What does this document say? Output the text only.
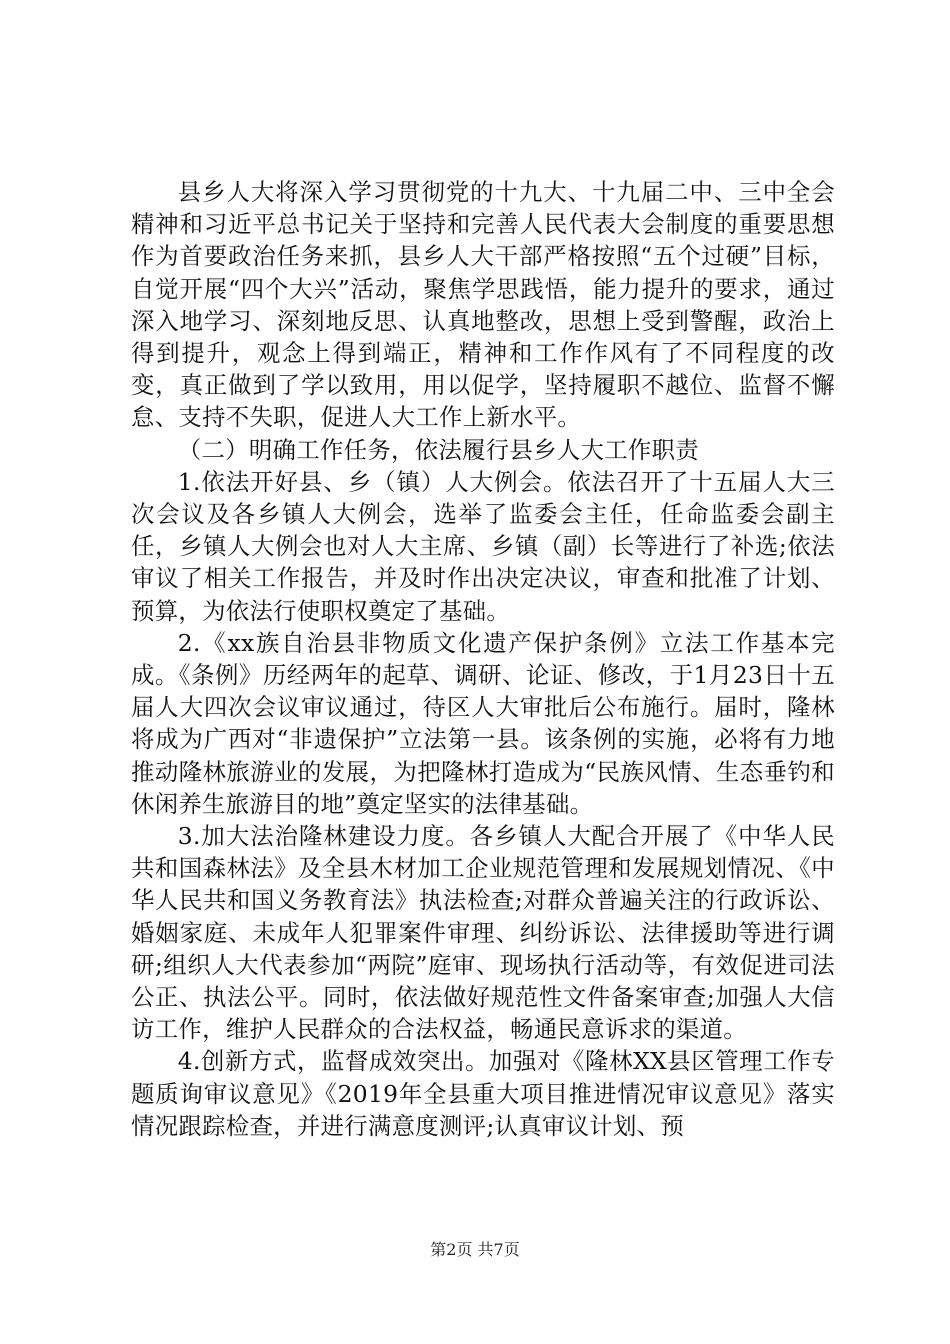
县乡人大将深入学习贯彻党的十九大、十九届二中、三中全会精神和习近平总书记关于坚持和完善人民代表大会制度的重要思想作为首要政治任务来抓，县乡人大干部严格按照“五个过硬”目标，自觉开展“四个大兴”活动，聚焦学思践悟，能力提升的要求，通过深入地学习、深刻地反思、认真地整改，思想上受到警醒，政治上得到提升，观念上得到端正，精神和工作作风有了不同程度的改变，真正做到了学以致用，用以促学，坚持履职不越位、监督不懈怠、支持不失职，促进人大工作上新水平。

（二）明确工作任务，依法履行县乡人大工作职责

1.依法开好县、乡（镇）人大例会。依法召开了十五届人大三次会议及各乡镇人大例会，选举了监委会主任，任命监委会副主任，乡镇人大例会也对人大主席、乡镇（副）长等进行了补选;依法审议了相关工作报告，并及时作出决定决议，审查和批准了计划、预算，为依法行使职权奠定了基础。

2.《xx族自治县非物质文化遗产保护条例》立法工作基本完成。《条例》历经两年的起草、调研、论证、修改，于1月23日十五届人大四次会议审议通过，待区人大审批后公布施行。届时，隆林将成为广西对“非遗保护”立法第一县。该条例的实施，必将有力地推动隆林旅游业的发展，为把隆林打造成为“民族风情、生态垂钓和休闲养生旅游目的地”奠定坚实的法律基础。

3.加大法治隆林建设力度。各乡镇人大配合开展了《中华人民共和国森林法》及全县木材加工企业规范管理和发展规划情况、《中华人民共和国义务教育法》执法检查;对群众普遍关注的行政诉讼、婚姻家庭、未成年人犯罪案件审理、纠纷诉讼、法律援助等进行调研;组织人大代表参加“两院”庭审、现场执行活动等，有效促进司法公正、执法公平。同时，依法做好规范性文件备案审查;加强人大信访工作，维护人民群众的合法权益，畅通民意诉求的渠道。

4.创新方式，监督成效突出。加强对《隆林XX县区管理工作专题质询审议意见》《2019年全县重大项目推进情况审议意见》落实情况跟踪检查，并进行满意度测评;认真审议计划、预

第2页 共7页
